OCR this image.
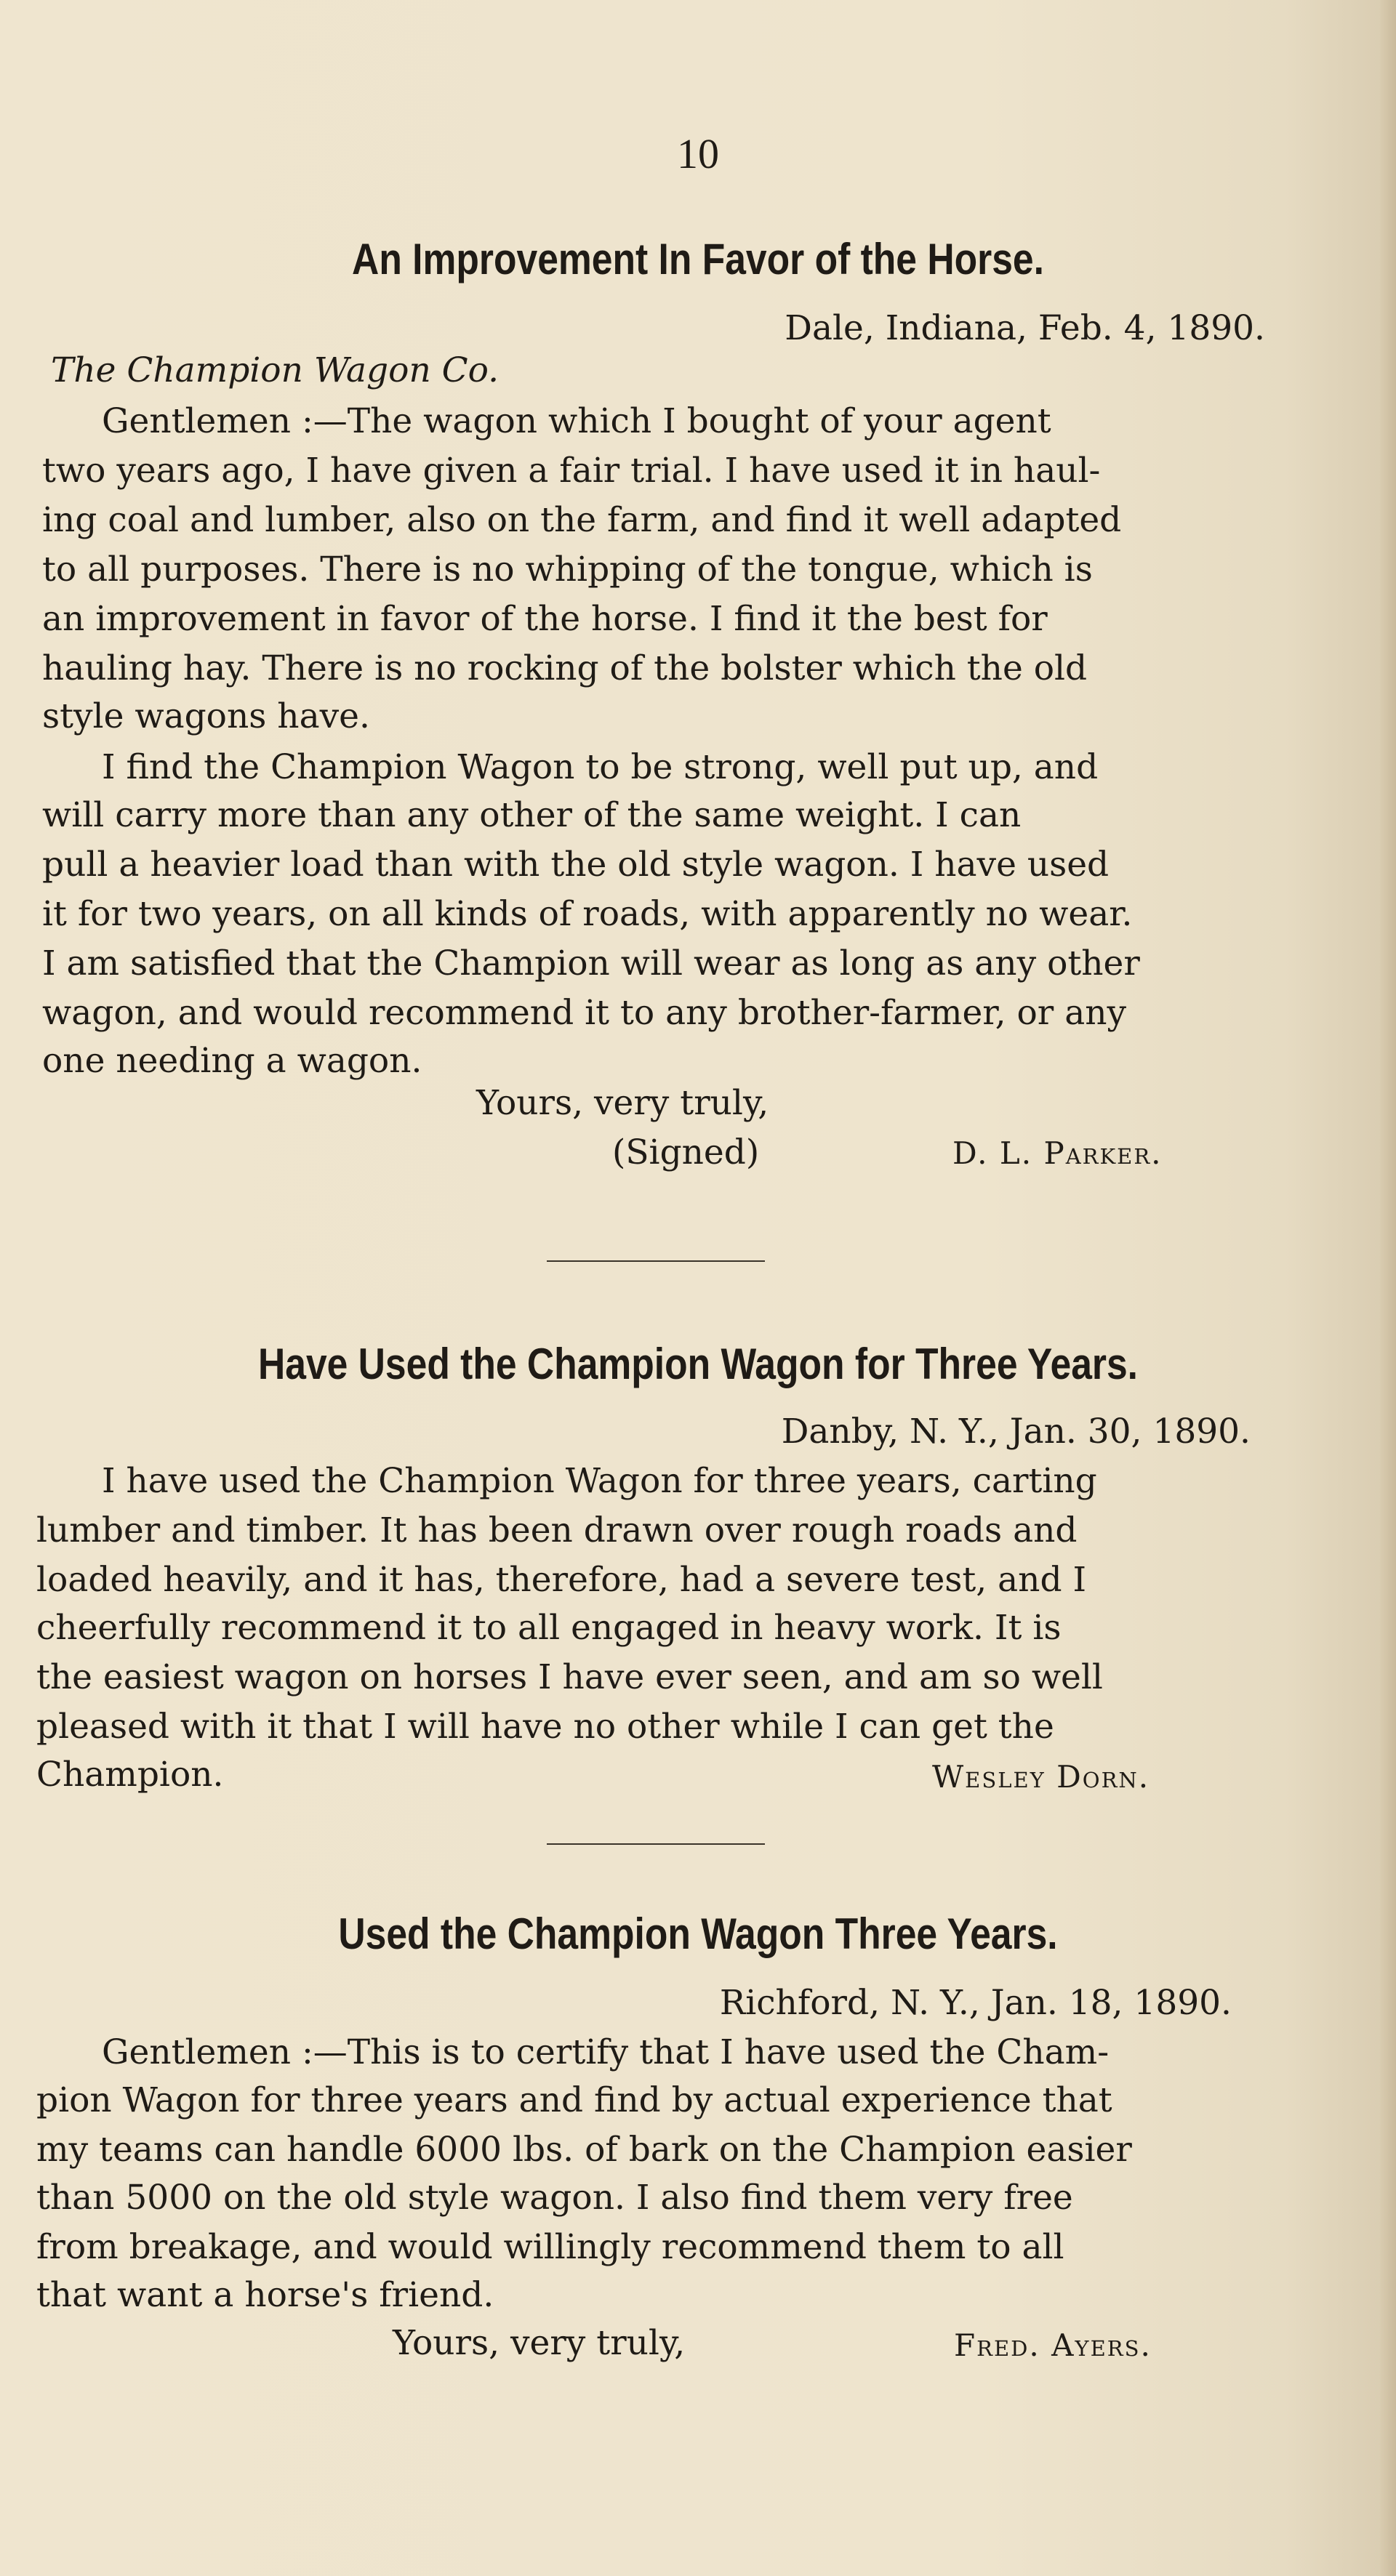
10
An Improvement In Favor of the Horse.
Dale, Indiana, Feb. 4, 1890.
The Champion Wagon Co.
Gentlemen :—The wagon which I bought of your agent
two years ago, I have given a fair trial. I have used it in haul-
ing coal and lumber, also on the farm, and find it well adapted
to all purposes. There is no whipping of the tongue, which is
an improvement in favor of the horse. I find it the best for
hauling hay. There is no rocking of the bolster which the old
style wagons have.
I find the Champion Wagon to be strong, well put up, and
will carry more than any other of the same weight. I can
pull a heavier load than with the old style wagon. I have used
it for two years, on all kinds of roads, with apparently no wear.
I am satisfied that the Champion will wear as long as any other
wagon, and would recommend it to any brother-farmer, or any
one needing a wagon.
Yours, very truly,
(Signed)	D. L. Parker.
Have Used the Champion Wagon for Three Years.
Danby, N. Y., Jan. 30, 1890.
I have used the Champion Wagon for three years, carting
lumber and timber. It has been drawn over rough roads and
loaded heavily, and it has, therefore, had a severe test, and I
cheerfully recommend it to all engaged in heavy work. It is
the easiest wagon on horses I have ever seen, and am so well
pleased with it that I will have no other while I can get the
Champion.	Wesley Dorn.
Used the Champion Wagon Three Years.
Richford, N. Y., Jan. 18, 1890.
Gentlemen :—This is to certify that I have used the Cham-
pion Wagon for three years and find by actual experience that
my teams can handle 6000 lbs. of bark on the Champion easier
than 5000 on the old style wagon. I also find them very free
from breakage, and would willingly recommend them to all
that want a horse's friend.
Yours, very truly,	Fred. Ayers.
